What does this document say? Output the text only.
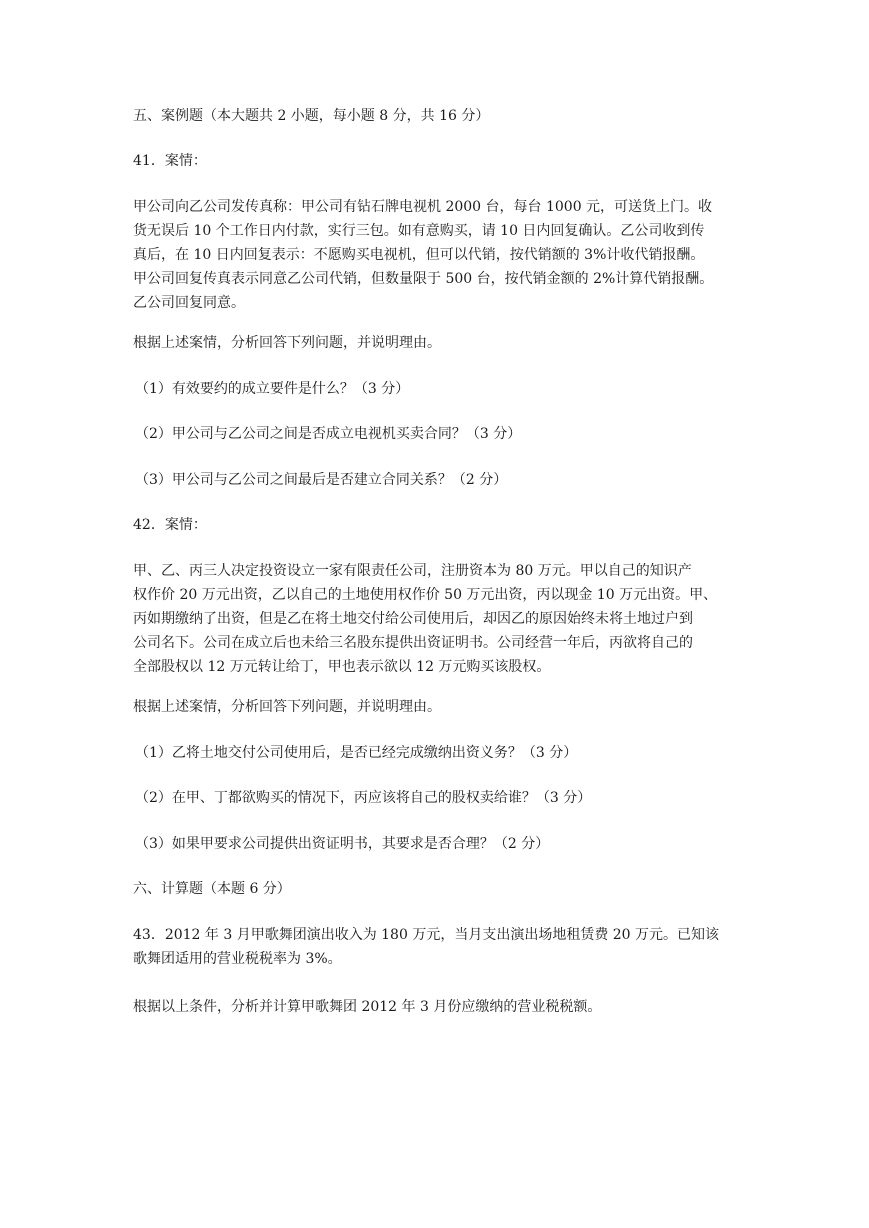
五、案例题（本大题共 2 小题，每小题 8 分，共 16 分）

41．案情：

甲公司向乙公司发传真称：甲公司有钻石牌电视机 2000 台，每台 1000 元，可送货上门。收
货无误后 10 个工作日内付款，实行三包。如有意购买，请 10 日内回复确认。乙公司收到传
真后，在 10 日内回复表示：不愿购买电视机，但可以代销，按代销额的 3%计收代销报酬。
甲公司回复传真表示同意乙公司代销，但数量限于 500 台，按代销金额的 2%计算代销报酬。
乙公司回复同意。

根据上述案情，分析回答下列问题，并说明理由。

（1）有效要约的成立要件是什么？（3 分）

（2）甲公司与乙公司之间是否成立电视机买卖合同？（3 分）

（3）甲公司与乙公司之间最后是否建立合同关系？（2 分）

42．案情：

甲、乙、丙三人决定投资设立一家有限责任公司，注册资本为 80 万元。甲以自己的知识产
权作价 20 万元出资，乙以自己的土地使用权作价 50 万元出资，丙以现金 10 万元出资。甲、
丙如期缴纳了出资，但是乙在将土地交付给公司使用后，却因乙的原因始终未将土地过户到
公司名下。公司在成立后也未给三名股东提供出资证明书。公司经营一年后，丙欲将自己的
全部股权以 12 万元转让给丁，甲也表示欲以 12 万元购买该股权。

根据上述案情，分析回答下列问题，并说明理由。

（1）乙将土地交付公司使用后，是否已经完成缴纳出资义务？（3 分）

（2）在甲、丁都欲购买的情况下，丙应该将自己的股权卖给谁？（3 分）

（3）如果甲要求公司提供出资证明书，其要求是否合理？（2 分）

六、计算题（本题 6 分）

43．2012 年 3 月甲歌舞团演出收入为 180 万元，当月支出演出场地租赁费 20 万元。已知该
歌舞团适用的营业税税率为 3%。

根据以上条件，分析并计算甲歌舞团 2012 年 3 月份应缴纳的营业税税额。
